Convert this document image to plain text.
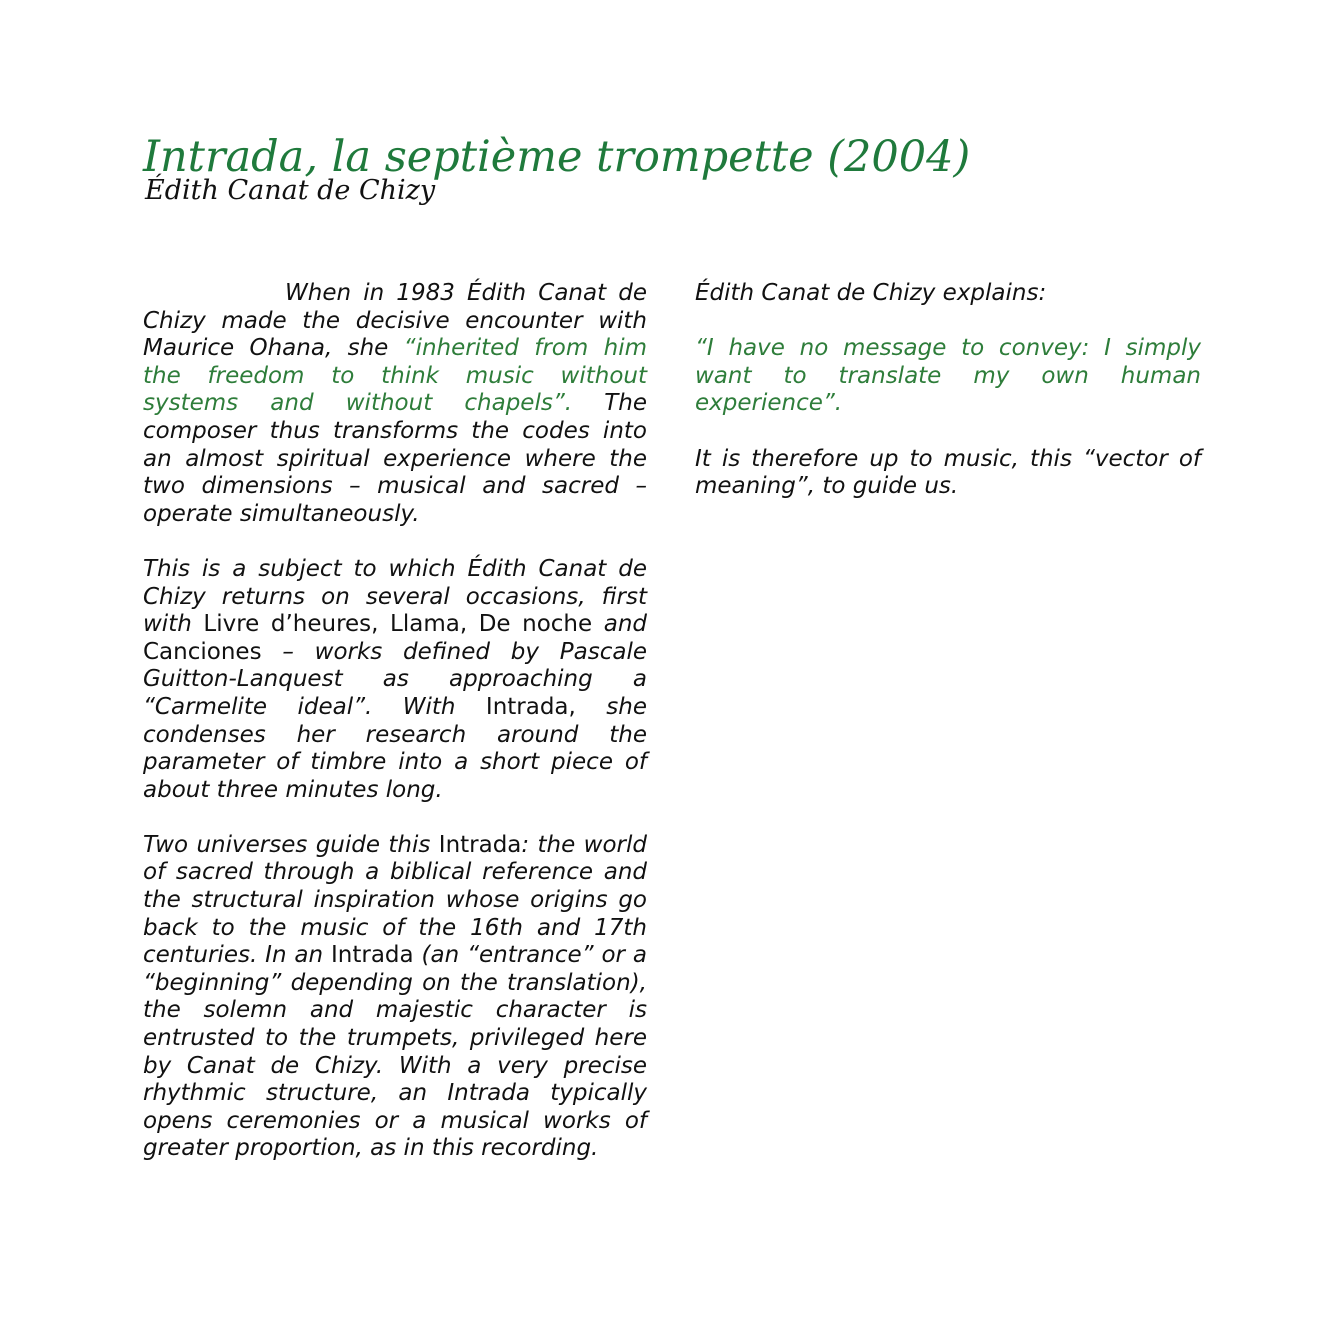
Intrada, la septième trompette (2004)
Édith Canat de Chizy

When in 1983 Édith Canat de Chizy made the decisive encounter with Maurice Ohana, she “inherited from him the freedom to think music without systems and without chapels”. The composer thus transforms the codes into an almost spiritual experience where the two dimensions – musical and sacred – operate simultaneously.

This is a subject to which Édith Canat de Chizy returns on several occasions, first with Livre d’heures, Llama, De noche and Canciones – works defined by Pascale Guitton-Lanquest as approaching a “Carmelite ideal”. With Intrada, she condenses her research around the parameter of timbre into a short piece of about three minutes long.

Two universes guide this Intrada: the world of sacred through a biblical reference and the structural inspiration whose origins go back to the music of the 16th and 17th centuries. In an Intrada (an “entrance” or a “beginning” depending on the translation), the solemn and majestic character is entrusted to the trumpets, privileged here by Canat de Chizy. With a very precise rhythmic structure, an Intrada typically opens ceremonies or a musical works of greater proportion, as in this recording.

Édith Canat de Chizy explains:

“I have no message to convey: I simply want to translate my own human experience”.

It is therefore up to music, this “vector of meaning”, to guide us.
